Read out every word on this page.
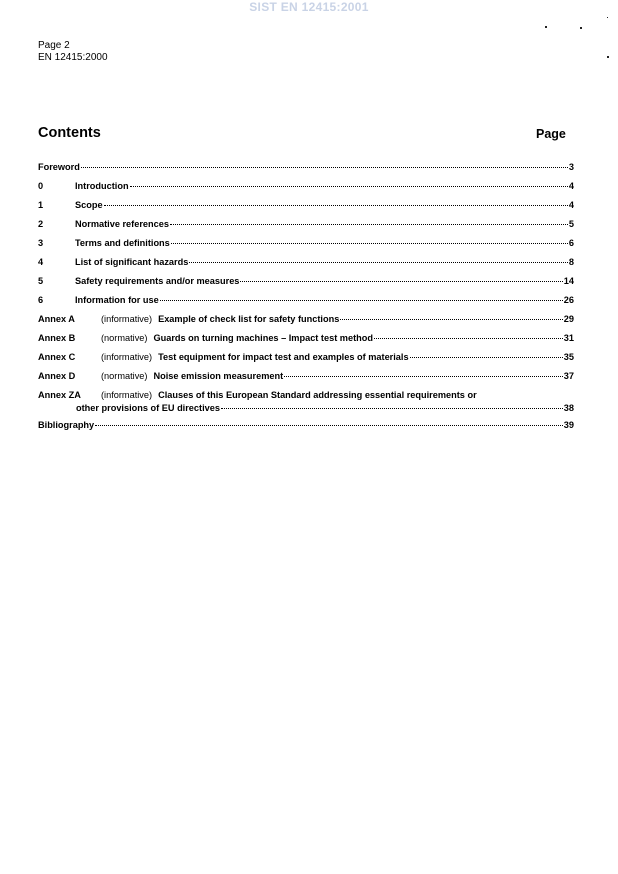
SIST EN 12415:2001
Page 2
EN 12415:2000
Contents	Page
Foreword	3
0	Introduction	4
1	Scope	4
2	Normative references	5
3	Terms and definitions	6
4	List of significant hazards	8
5	Safety requirements and/or measures	14
6	Information for use	26
Annex A	(informative) Example of check list for safety functions	29
Annex B	(normative) Guards on turning machines – Impact test method	31
Annex C	(informative) Test equipment for impact test and examples of materials	35
Annex D	(normative) Noise emission measurement	37
Annex ZA	(informative) Clauses of this European Standard addressing essential requirements or
other provisions of EU directives	38
Bibliography	39
